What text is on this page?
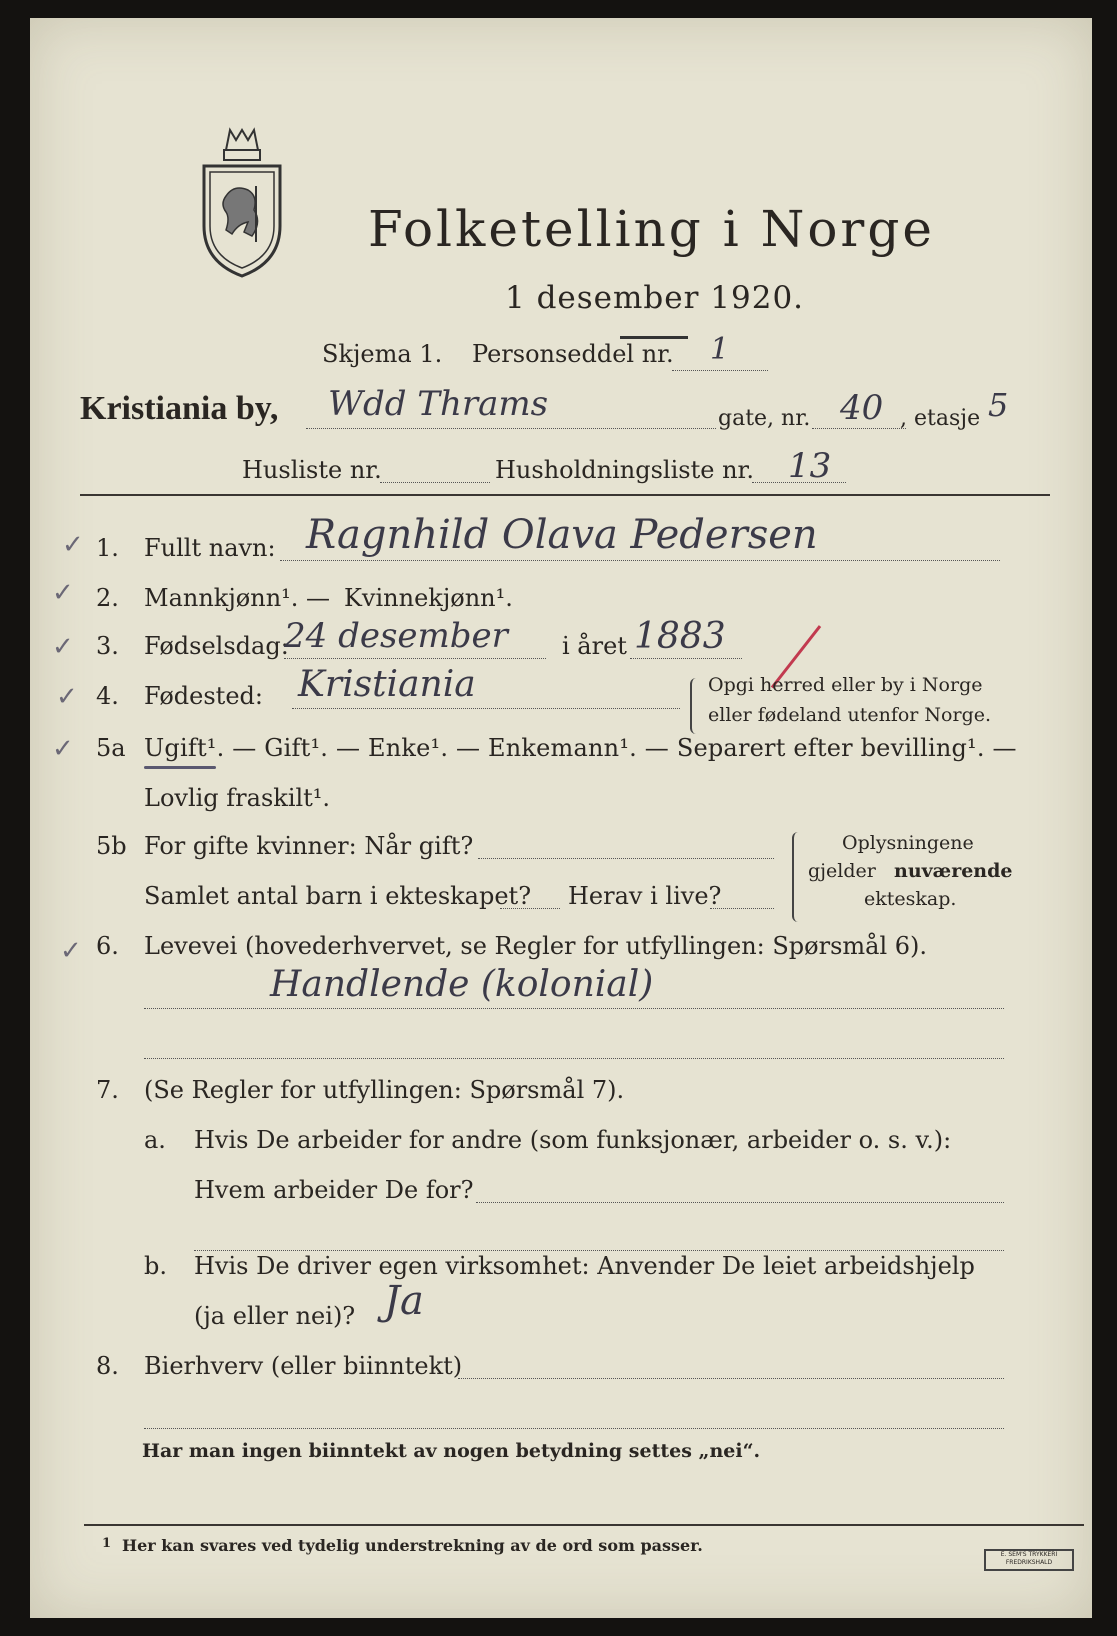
Folketelling i Norge
1 desember 1920.
Skjema 1. Personseddel nr. 1
Kristiania by, Wdd Thrams	gate, nr. 40 , etasje 5
Husliste nr.	Husholdningsliste nr. 13
✓
✓
✓
✓
✓
✓
1. Fullt navn: Ragnhild Olava Pedersen
2. Mannkjønn¹. — Kvinnekjønn¹.
3. Fødselsdag:
24 desember i året 1883
4. Fødested: Kristiania	Opgi herred eller by i Norge
eller fødeland utenfor Norge.
5a Ugift¹. — Gift¹. — Enke¹. — Enkemann¹. — Separert efter bevilling¹. —
Lovlig fraskilt¹.
5b For gifte kvinner: Når gift?
Samlet antal barn i ekteskapet? Herav i live?
Oplysningene
gjelder nuværende
ekteskap.
6. Levevei (hovederhvervet, se Regler for utfyllingen: Spørsmål 6).
Handlende (kolonial)
7. (Se Regler for utfyllingen: Spørsmål 7).
a. Hvis De arbeider for andre (som funksjonær, arbeider o. s. v.):
Hvem arbeider De for?
b. Hvis De driver egen virksomhet: Anvender De leiet arbeidshjelp
(ja eller nei)? Ja
8. Bierhverv (eller biinntekt)
Har man ingen biinntekt av nogen betydning settes „nei“.
1 Her kan svares ved tydelig understrekning av de ord som passer.	E. SEM'S TRYKKERI FREDRIKSHALD
